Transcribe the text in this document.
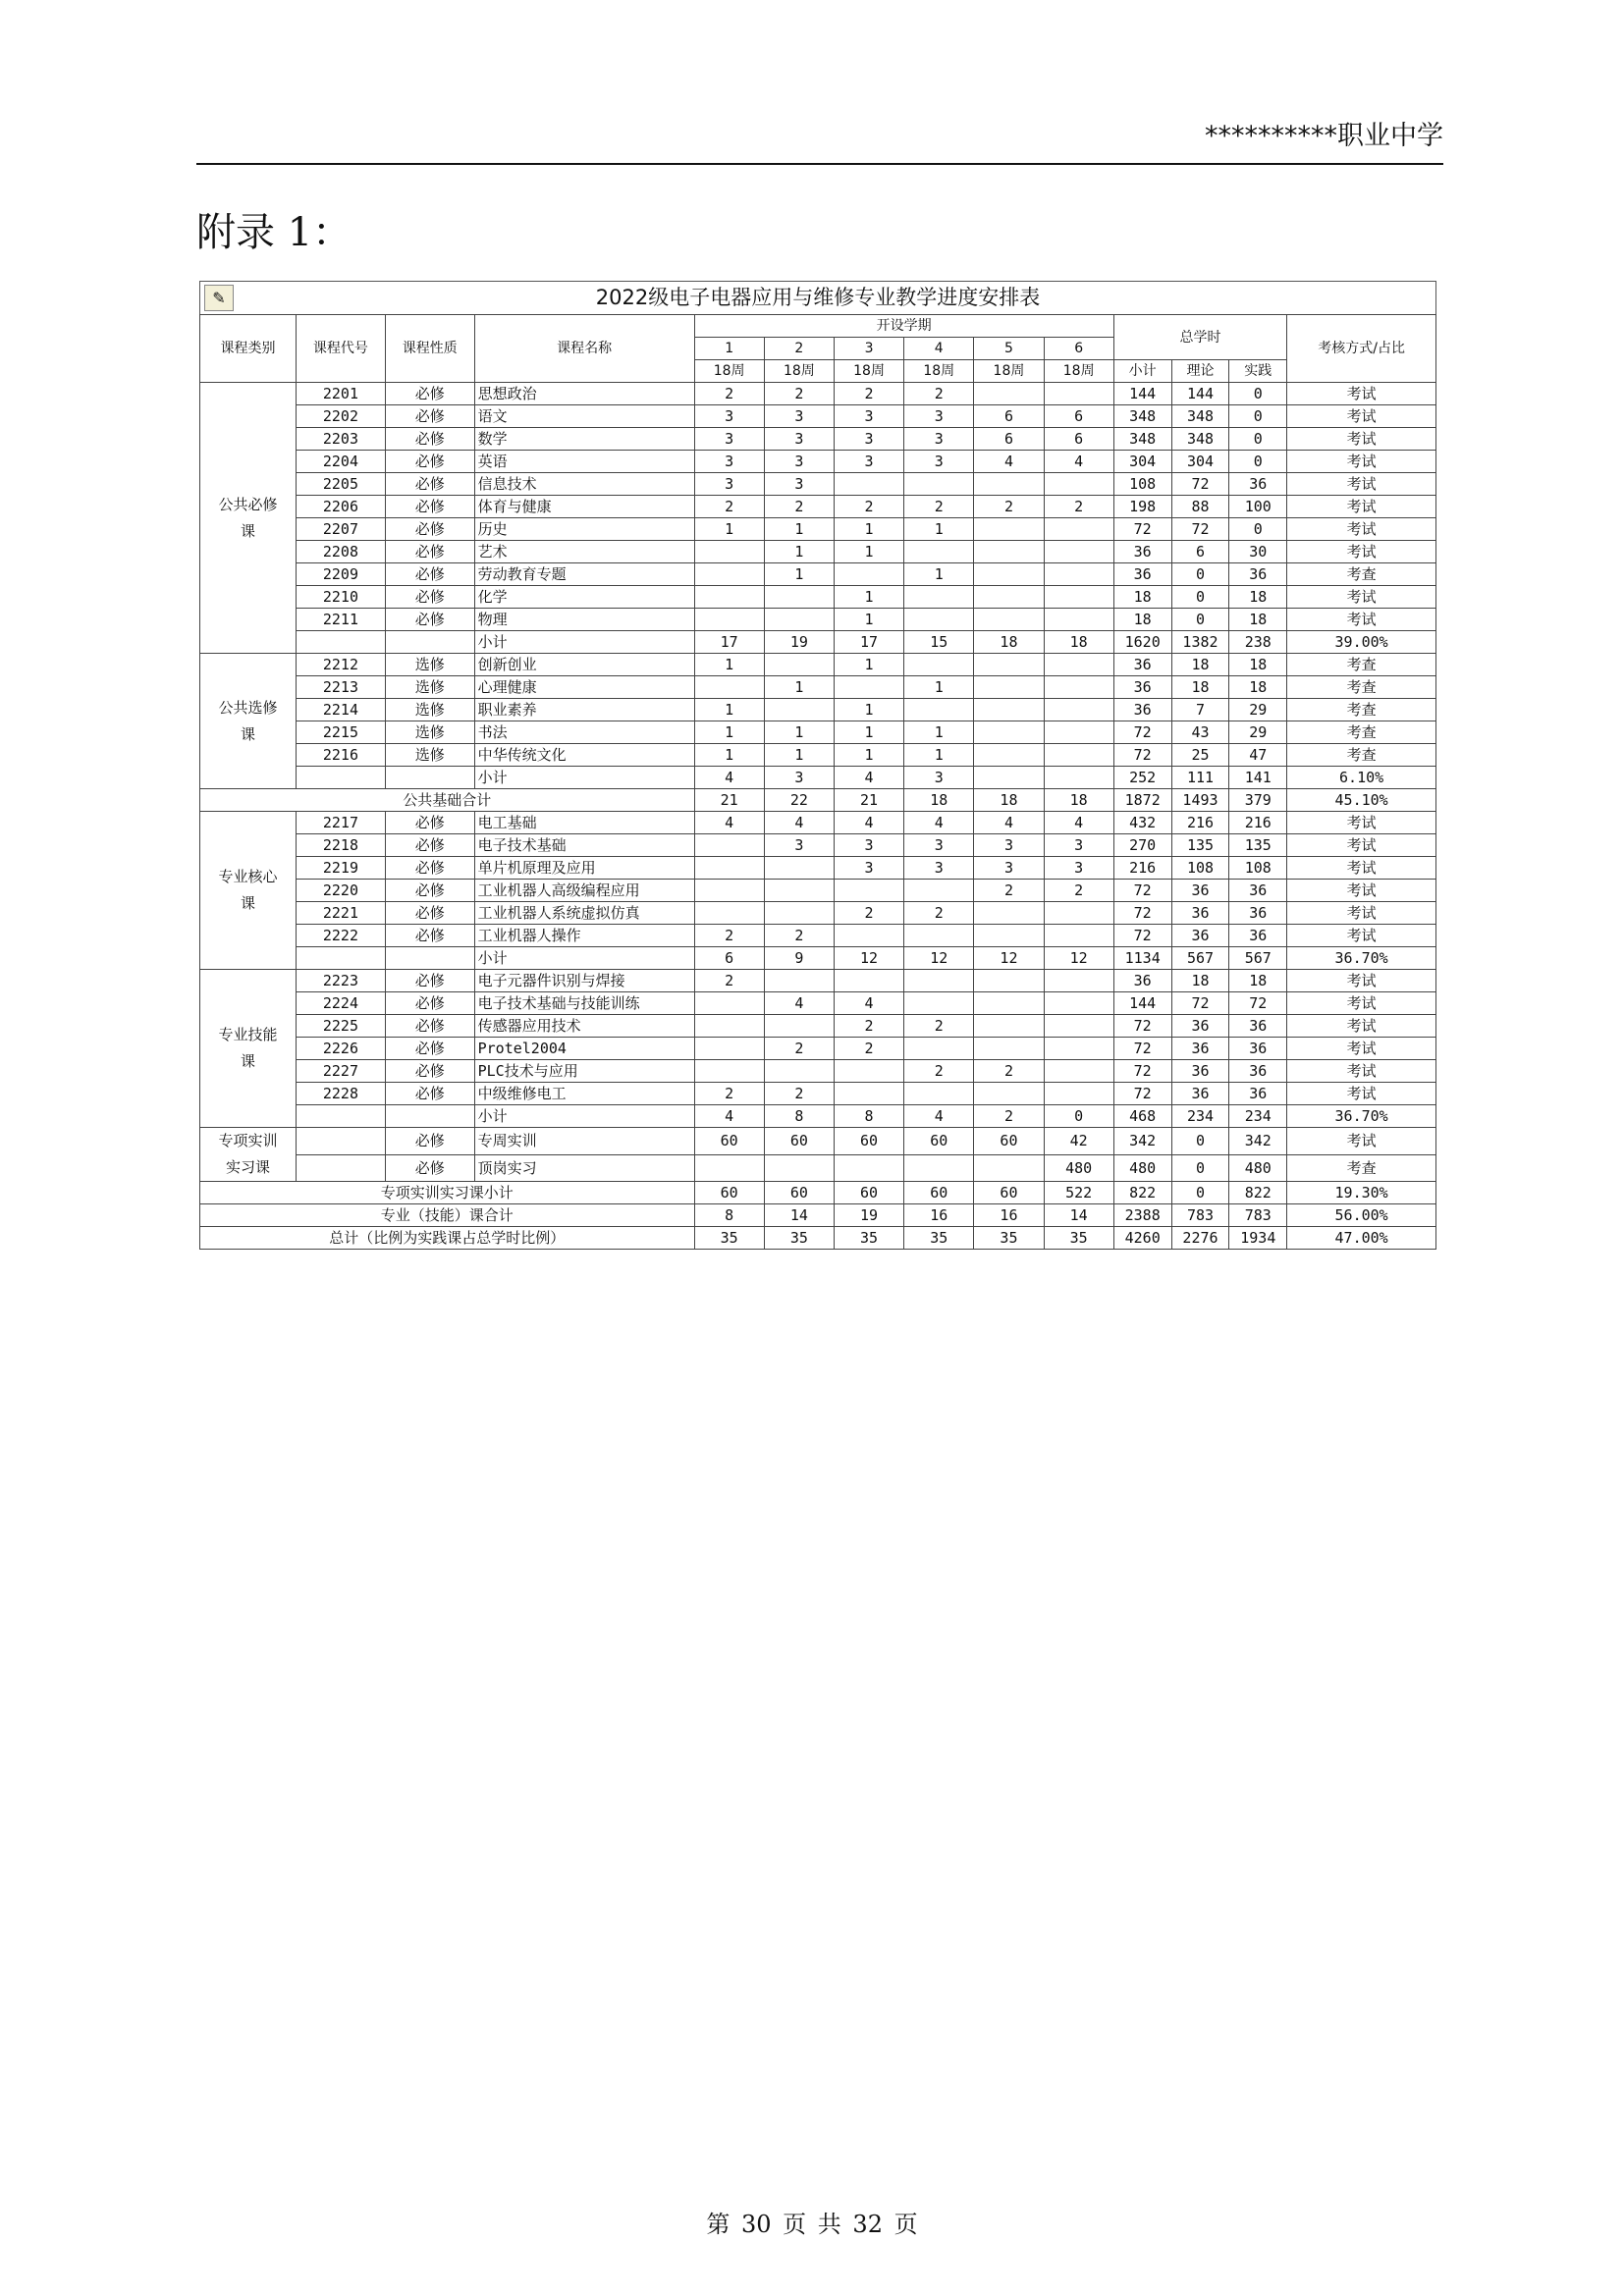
**********职业中学
附录 1：
✎	2022级电子电器应用与维修专业教学进度安排表
课程类别	课程代号	课程性质	课程名称	开设学期						总学时			考核方式/占比
				1	2	3	4	5	6				
				18周	18周	18周	18周	18周	18周	小计	理论	实践	
公共必修课	2201	必修	思想政治	2	2	2	2			144	144	0	考试
	2202	必修	语文	3	3	3	3	6	6	348	348	0	考试
	2203	必修	数学	3	3	3	3	6	6	348	348	0	考试
	2204	必修	英语	3	3	3	3	4	4	304	304	0	考试
	2205	必修	信息技术	3	3					108	72	36	考试
	2206	必修	体育与健康	2	2	2	2	2	2	198	88	100	考试
	2207	必修	历史	1	1	1	1			72	72	0	考试
	2208	必修	艺术		1	1				36	6	30	考试
	2209	必修	劳动教育专题		1		1			36	0	36	考查
	2210	必修	化学			1				18	0	18	考试
	2211	必修	物理			1				18	0	18	考试
			小计	17	19	17	15	18	18	1620	1382	238	39.00%
公共选修课	2212	选修	创新创业	1		1				36	18	18	考查
	2213	选修	心理健康		1		1			36	18	18	考查
	2214	选修	职业素养	1		1				36	7	29	考查
	2215	选修	书法	1	1	1	1			72	43	29	考查
	2216	选修	中华传统文化	1	1	1	1			72	25	47	考查
			小计	4	3	4	3			252	111	141	6.10%
公共基础合计				21	22	21	18	18	18	1872	1493	379	45.10%
专业核心课	2217	必修	电工基础	4	4	4	4	4	4	432	216	216	考试
	2218	必修	电子技术基础		3	3	3	3	3	270	135	135	考试
	2219	必修	单片机原理及应用			3	3	3	3	216	108	108	考试
	2220	必修	工业机器人高级编程应用					2	2	72	36	36	考试
	2221	必修	工业机器人系统虚拟仿真			2	2			72	36	36	考试
	2222	必修	工业机器人操作	2	2					72	36	36	考试
			小计	6	9	12	12	12	12	1134	567	567	36.70%
专业技能课	2223	必修	电子元器件识别与焊接	2						36	18	18	考试
	2224	必修	电子技术基础与技能训练		4	4				144	72	72	考试
	2225	必修	传感器应用技术			2	2			72	36	36	考试
	2226	必修	Protel2004		2	2				72	36	36	考试
	2227	必修	PLC技术与应用				2	2		72	36	36	考试
	2228	必修	中级维修电工	2	2					72	36	36	考试
			小计	4	8	8	4	2	0	468	234	234	36.70%
专项实训实习课		必修	专周实训	60	60	60	60	60	42	342	0	342	考试
		必修	顶岗实习						480	480	0	480	考查
专项实训实习课小计				60	60	60	60	60	522	822	0	822	19.30%
专业（技能）课合计				8	14	19	16	16	14	2388	783	783	56.00%
总计（比例为实践课占总学时比例）				35	35	35	35	35	35	4260	2276	1934	47.00%
第 30 页 共 32 页
